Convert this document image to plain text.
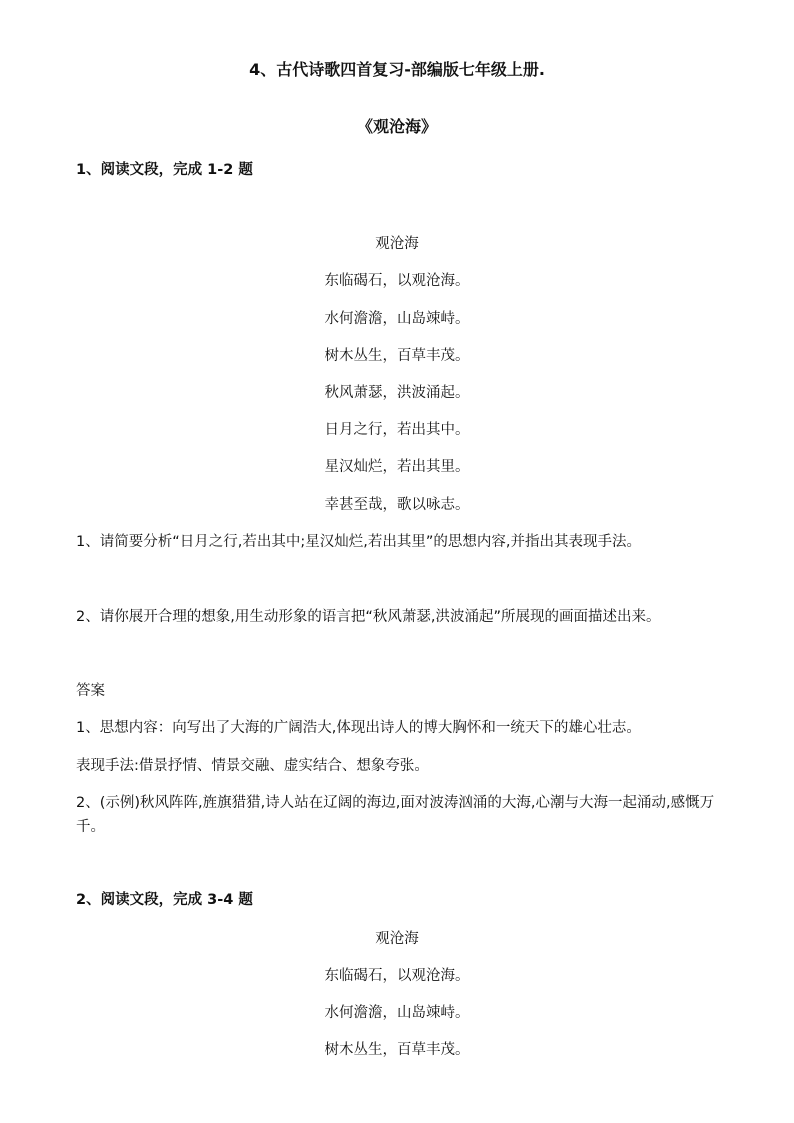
4、古代诗歌四首复习-部编版七年级上册.
《观沧海》
1、阅读文段，完成 1-2 题
观沧海
东临碣石，以观沧海。
水何澹澹，山岛竦峙。
树木丛生，百草丰茂。
秋风萧瑟，洪波涌起。
日月之行，若出其中。
星汉灿烂，若出其里。
幸甚至哉，歌以咏志。
1、请简要分析“日月之行,若出其中;星汉灿烂,若出其里”的思想内容,并指出其表现手法。
2、请你展开合理的想象,用生动形象的语言把“秋风萧瑟,洪波涌起”所展现的画面描述出来。
答案
1、思想内容：向写出了大海的广阔浩大,体现出诗人的博大胸怀和一统天下的雄心壮志。
表现手法:借景抒情、情景交融、虚实结合、想象夸张。
2、(示例)秋风阵阵,旌旗猎猎,诗人站在辽阔的海边,面对波涛汹涌的大海,心潮与大海一起涌动,感慨万千。
2、阅读文段，完成 3-4 题
观沧海
东临碣石，以观沧海。
水何澹澹，山岛竦峙。
树木丛生，百草丰茂。
